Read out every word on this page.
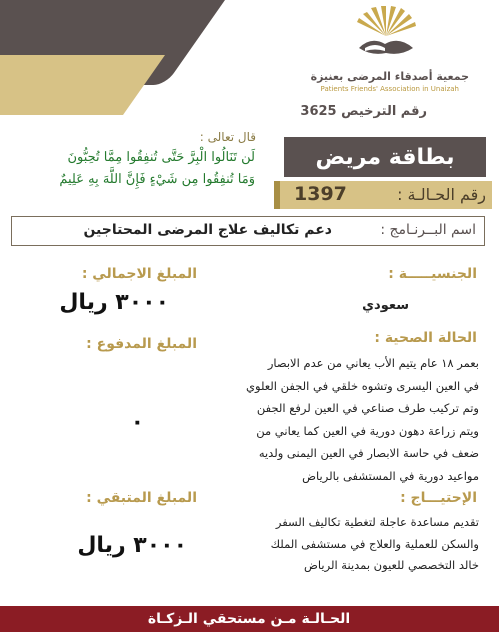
جمعية أصدقاء المرضى بعنيزة
Patients Friends' Association in Unaizah
رقم الترخيص 3625
قال تعالى :
لَن تَنَالُوا الْبِرَّ حَتَّى تُنفِقُوا مِمَّا تُحِبُّونَ
وَمَا تُنفِقُوا مِن شَيْءٍ فَإِنَّ اللَّهَ بِهِ عَلِيمٌ
بطاقة مريض
رقم الحـالـة :
1397
اسم البــرنـامج :
دعم تكاليف علاج المرضى المحتاجين
الجنسيـــــة :
سعودي
الحالة الصحية :
بعمر ١٨ عام يتيم الأب يعاني من عدم الابصار
في العين اليسرى وتشوه خلقي في الجفن العلوي
وتم تركيب طرف صناعي في العين لرفع الجفن
ويتم زراعة دهون دورية في العين كما يعاني من
ضعف في حاسة الابصار في العين اليمنى ولديه
مواعيد دورية في المستشفى بالرياض
الإحتيـــاج :
تقديم مساعدة عاجلة لتغطية تكاليف السفر
والسكن للعملية والعلاج في مستشفى الملك
خالد التخصصي للعيون بمدينة الرياض
المبلغ الاجمالي :
٣٠٠٠ ريال
المبلغ المدفوع :
٠
المبلغ المتبقي :
٣٠٠٠ ريال
الحـالـة مـن مستحقي الـزكـاة
